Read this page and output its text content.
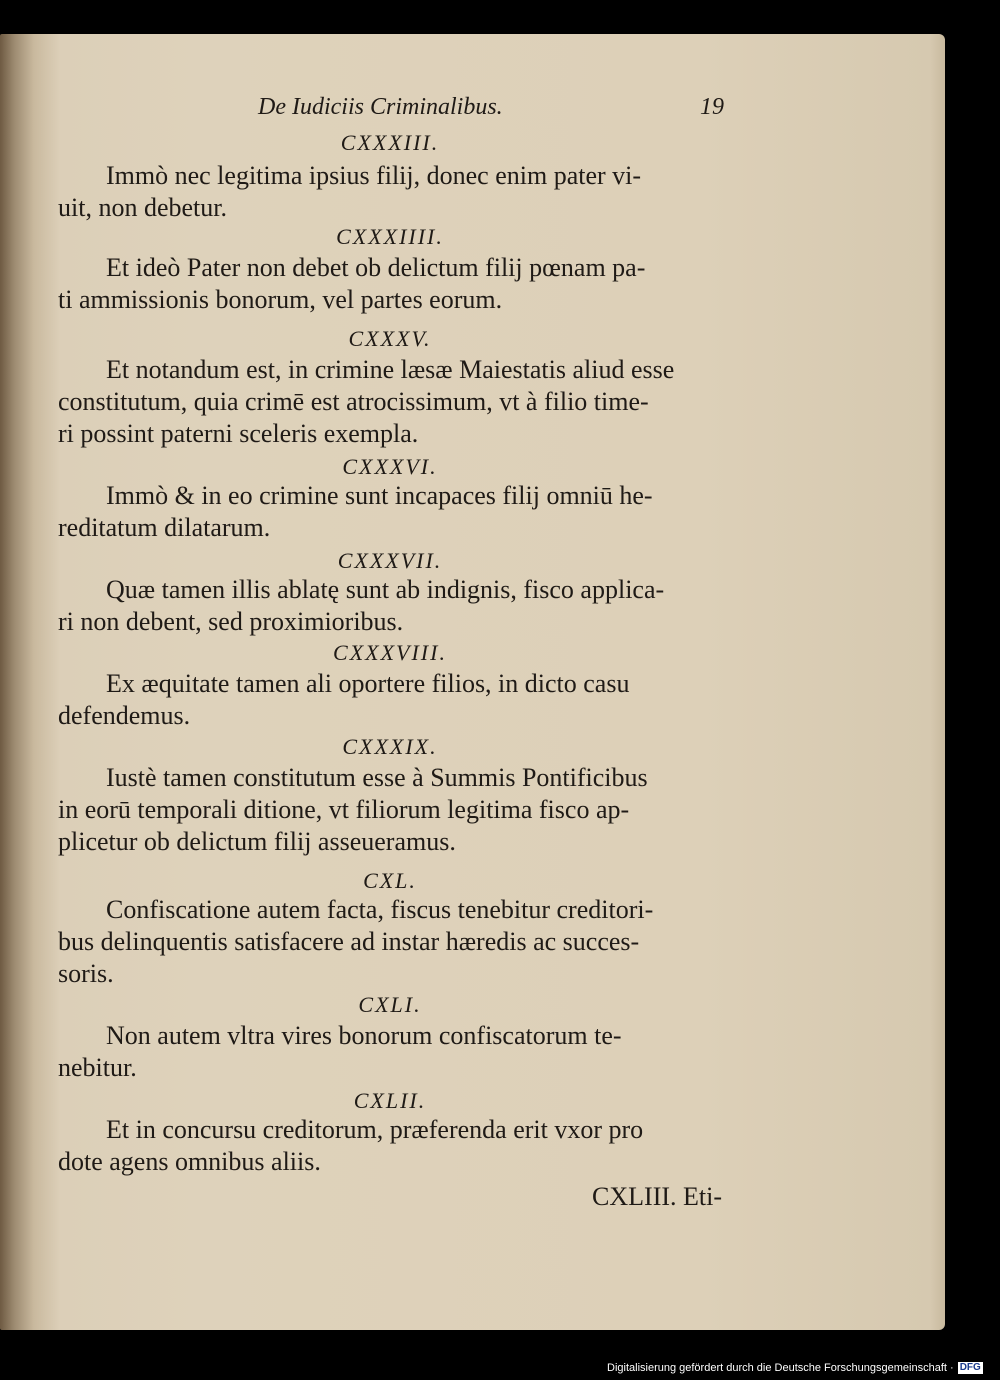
De Iudiciis Criminalibus.	19
CXXXIII.
Immò nec legitima ipsius filij, donec enim pater vi-
uit, non debetur.
CXXXIIII.
Et ideò Pater non debet ob delictum filij pœnam pa-
ti ammissionis bonorum, vel partes eorum.
CXXXV.
Et notandum est, in crimine læsæ Maiestatis aliud esse
constitutum, quia crimē est atrocissimum, vt à filio time-
ri possint paterni sceleris exempla.
CXXXVI.
Immò & in eo crimine sunt incapaces filij omniū he-
reditatum dilatarum.
CXXXVII.
Quæ tamen illis ablatę sunt ab indignis, fisco applica-
ri non debent, sed proximioribus.
CXXXVIII.
Ex æquitate tamen ali oportere filios, in dicto casu
defendemus.
CXXXIX.
Iustè tamen constitutum esse à Summis Pontificibus
in eorū temporali ditione, vt filiorum legitima fisco ap-
plicetur ob delictum filij asseueramus.
CXL.
Confiscatione autem facta, fiscus tenebitur creditori-
bus delinquentis satisfacere ad instar hæredis ac succes-
soris.
CXLI.
Non autem vltra vires bonorum confiscatorum te-
nebitur.
CXLII.
Et in concursu creditorum, præferenda erit vxor pro
dote agens omnibus aliis.
CXLIII. Eti-
Digitalisierung gefördert durch die Deutsche Forschungsgemeinschaft · DFG
